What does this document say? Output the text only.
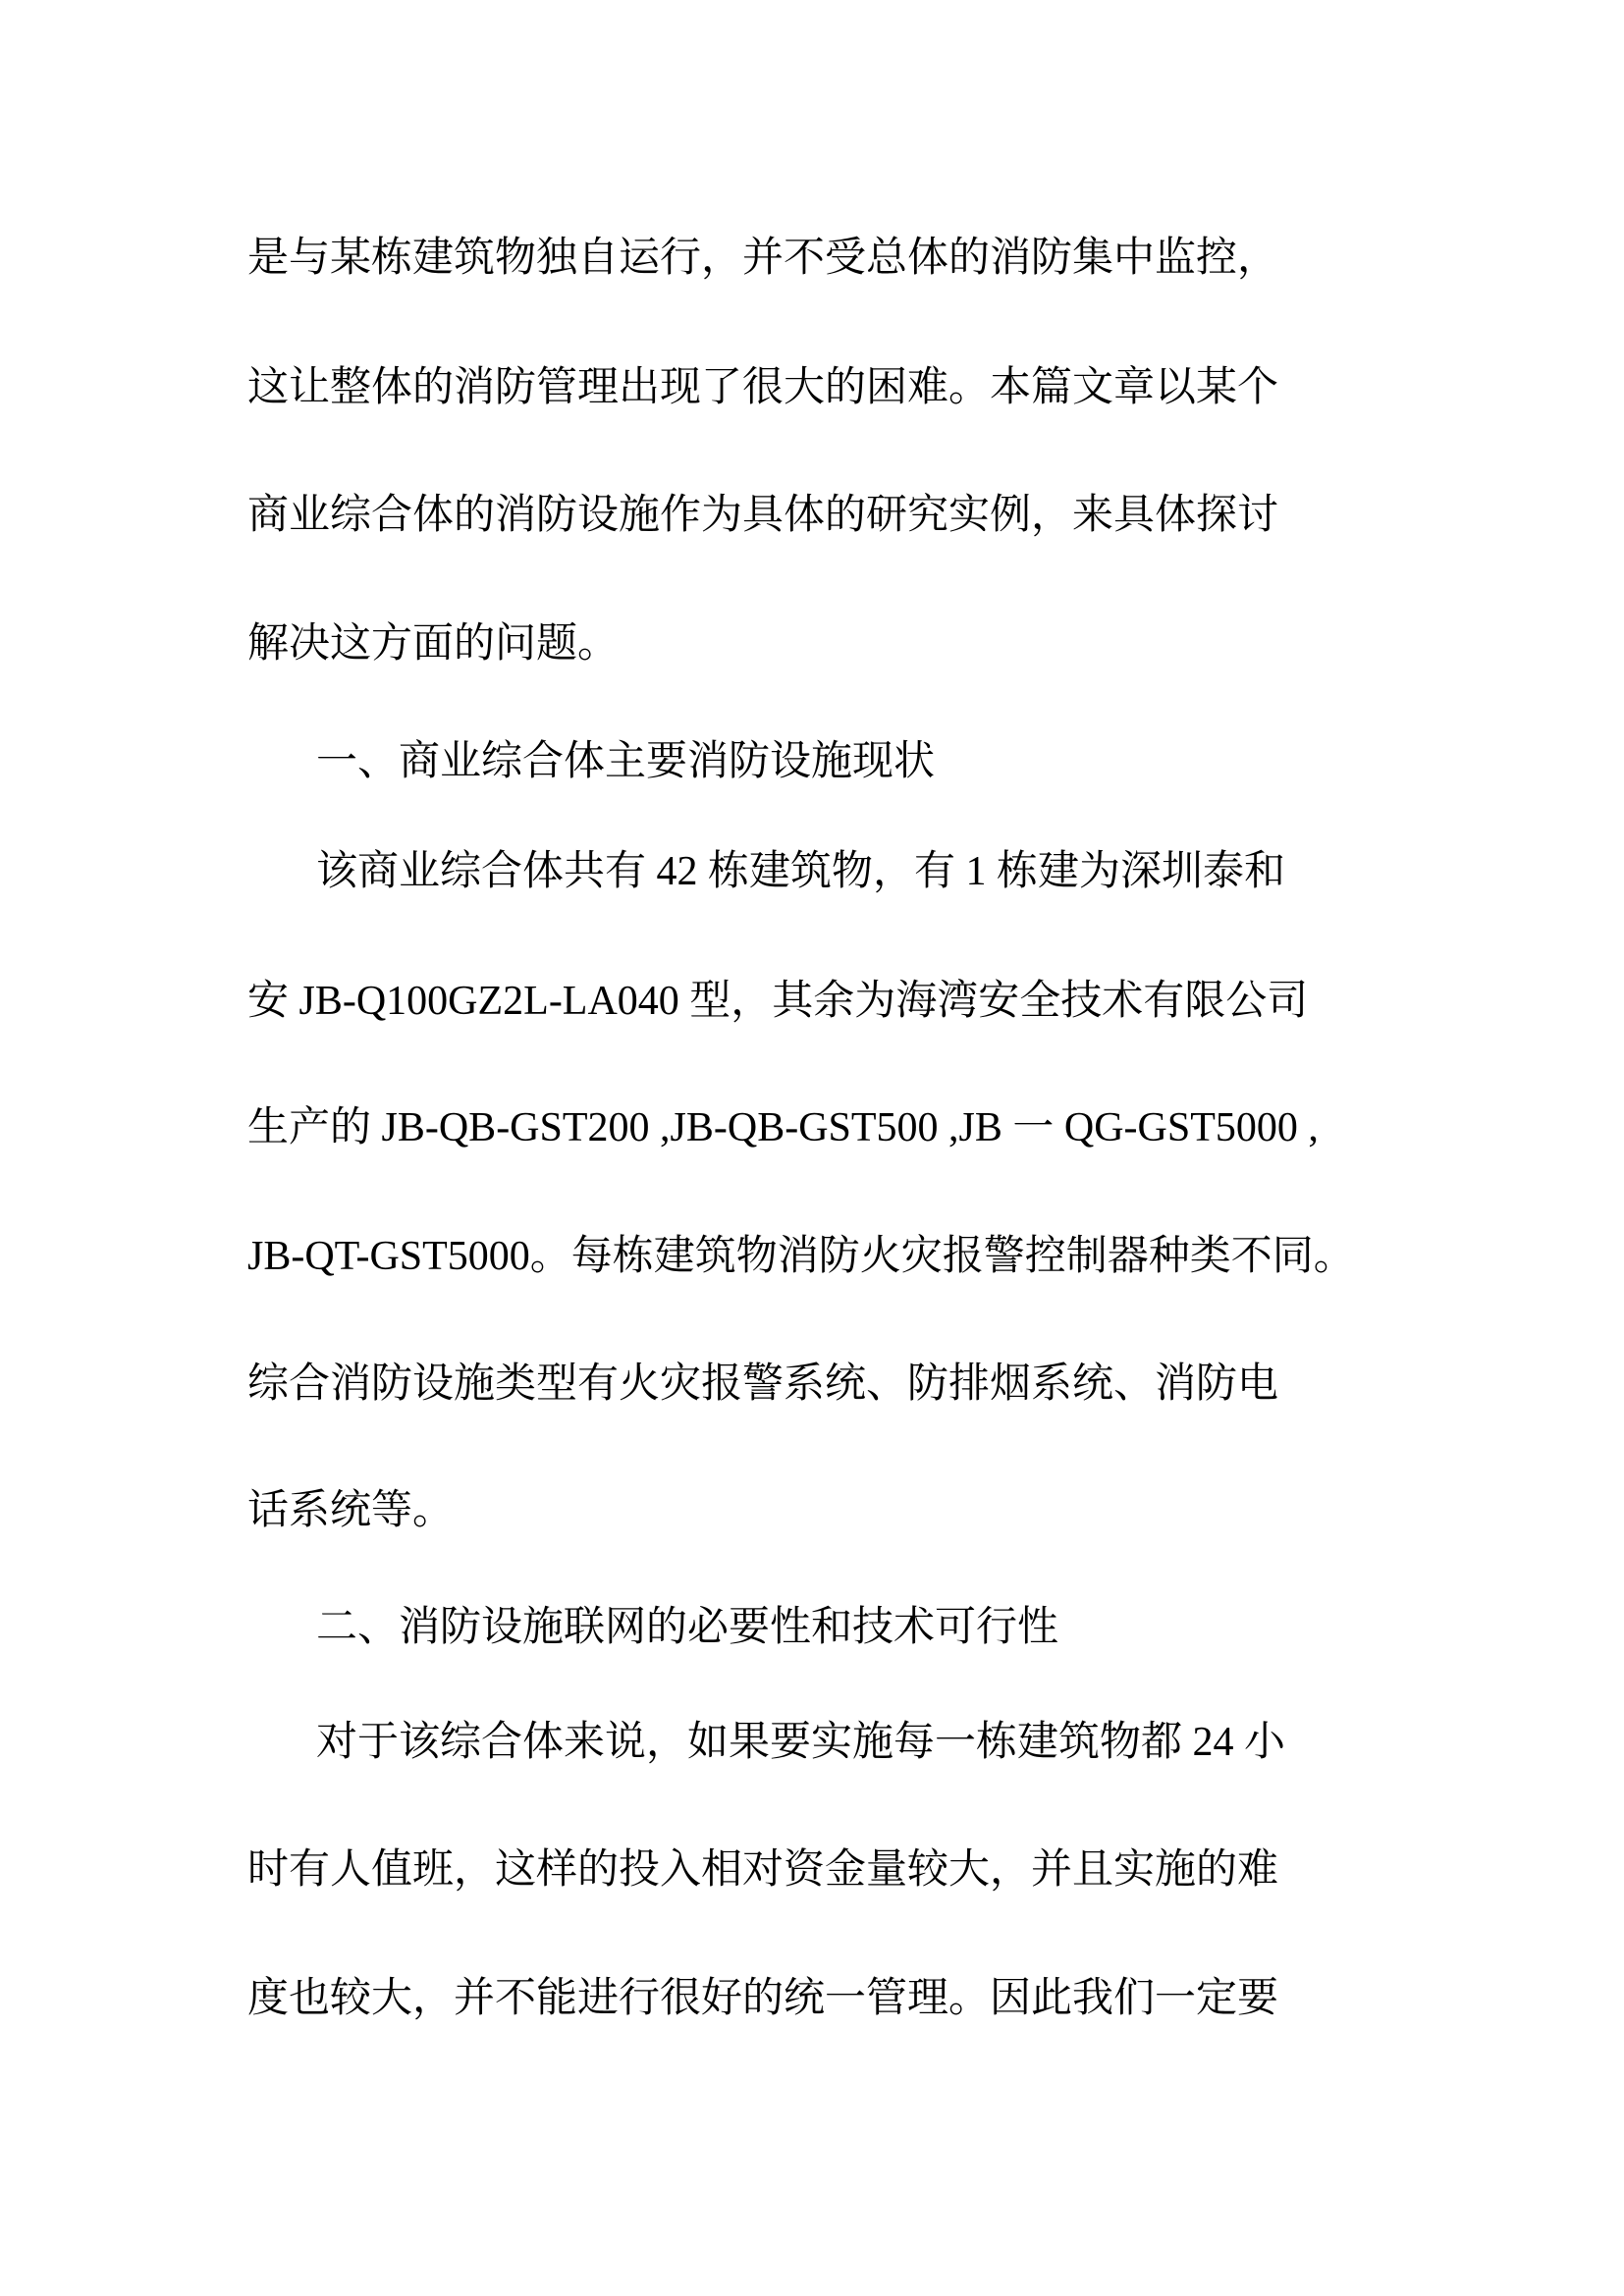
是与某栋建筑物独自运行，并不受总体的消防集中监控，
这让整体的消防管理出现了很大的困难。本篇文章以某个
商业综合体的消防设施作为具体的研究实例，来具体探讨
解决这方面的问题。
一、商业综合体主要消防设施现状
该商业综合体共有 42 栋建筑物，有 1 栋建为深圳泰和
安 JB-Q100GZ2L-LA040 型，其余为海湾安全技术有限公司
生产的 JB-QB-GST200 ,JB-QB-GST500 ,JB 一 QG-GST5000 ,
JB-QT-GST5000。每栋建筑物消防火灾报警控制器种类不同。
综合消防设施类型有火灾报警系统、防排烟系统、消防电
话系统等。
二、消防设施联网的必要性和技术可行性
对于该综合体来说，如果要实施每一栋建筑物都 24 小
时有人值班，这样的投入相对资金量较大，并且实施的难
度也较大，并不能进行很好的统一管理。因此我们一定要
